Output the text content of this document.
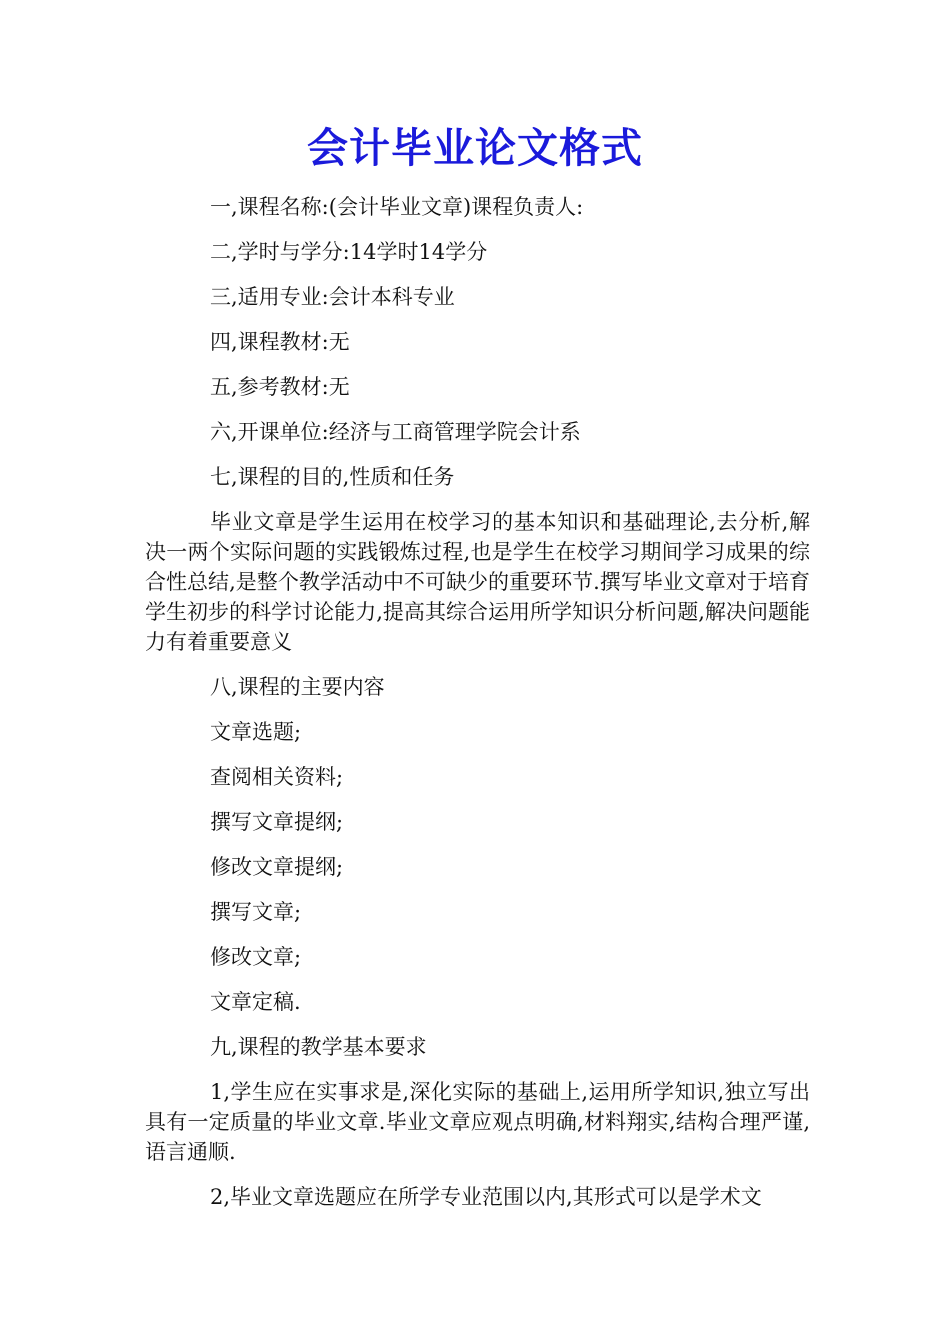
会计毕业论文格式
一,课程名称:(会计毕业文章)课程负责人:
二,学时与学分:14学时14学分
三,适用专业:会计本科专业
四,课程教材:无
五,参考教材:无
六,开课单位:经济与工商管理学院会计系
七,课程的目的,性质和任务

毕业文章是学生运用在校学习的基本知识和基础理论,去分析,解决一两个实际问题的实践锻炼过程,也是学生在校学习期间学习成果的综合性总结,是整个教学活动中不可缺少的重要环节.撰写毕业文章对于培育学生初步的科学讨论能力,提高其综合运用所学知识分析问题,解决问题能力有着重要意义

八,课程的主要内容
文章选题;
查阅相关资料;
撰写文章提纲;
修改文章提纲;
撰写文章;
修改文章;
文章定稿.
九,课程的教学基本要求

1,学生应在实事求是,深化实际的基础上,运用所学知识,独立写出具有一定质量的毕业文章.毕业文章应观点明确,材料翔实,结构合理严谨,语言通顺.

2,毕业文章选题应在所学专业范围以内,其形式可以是学术文
